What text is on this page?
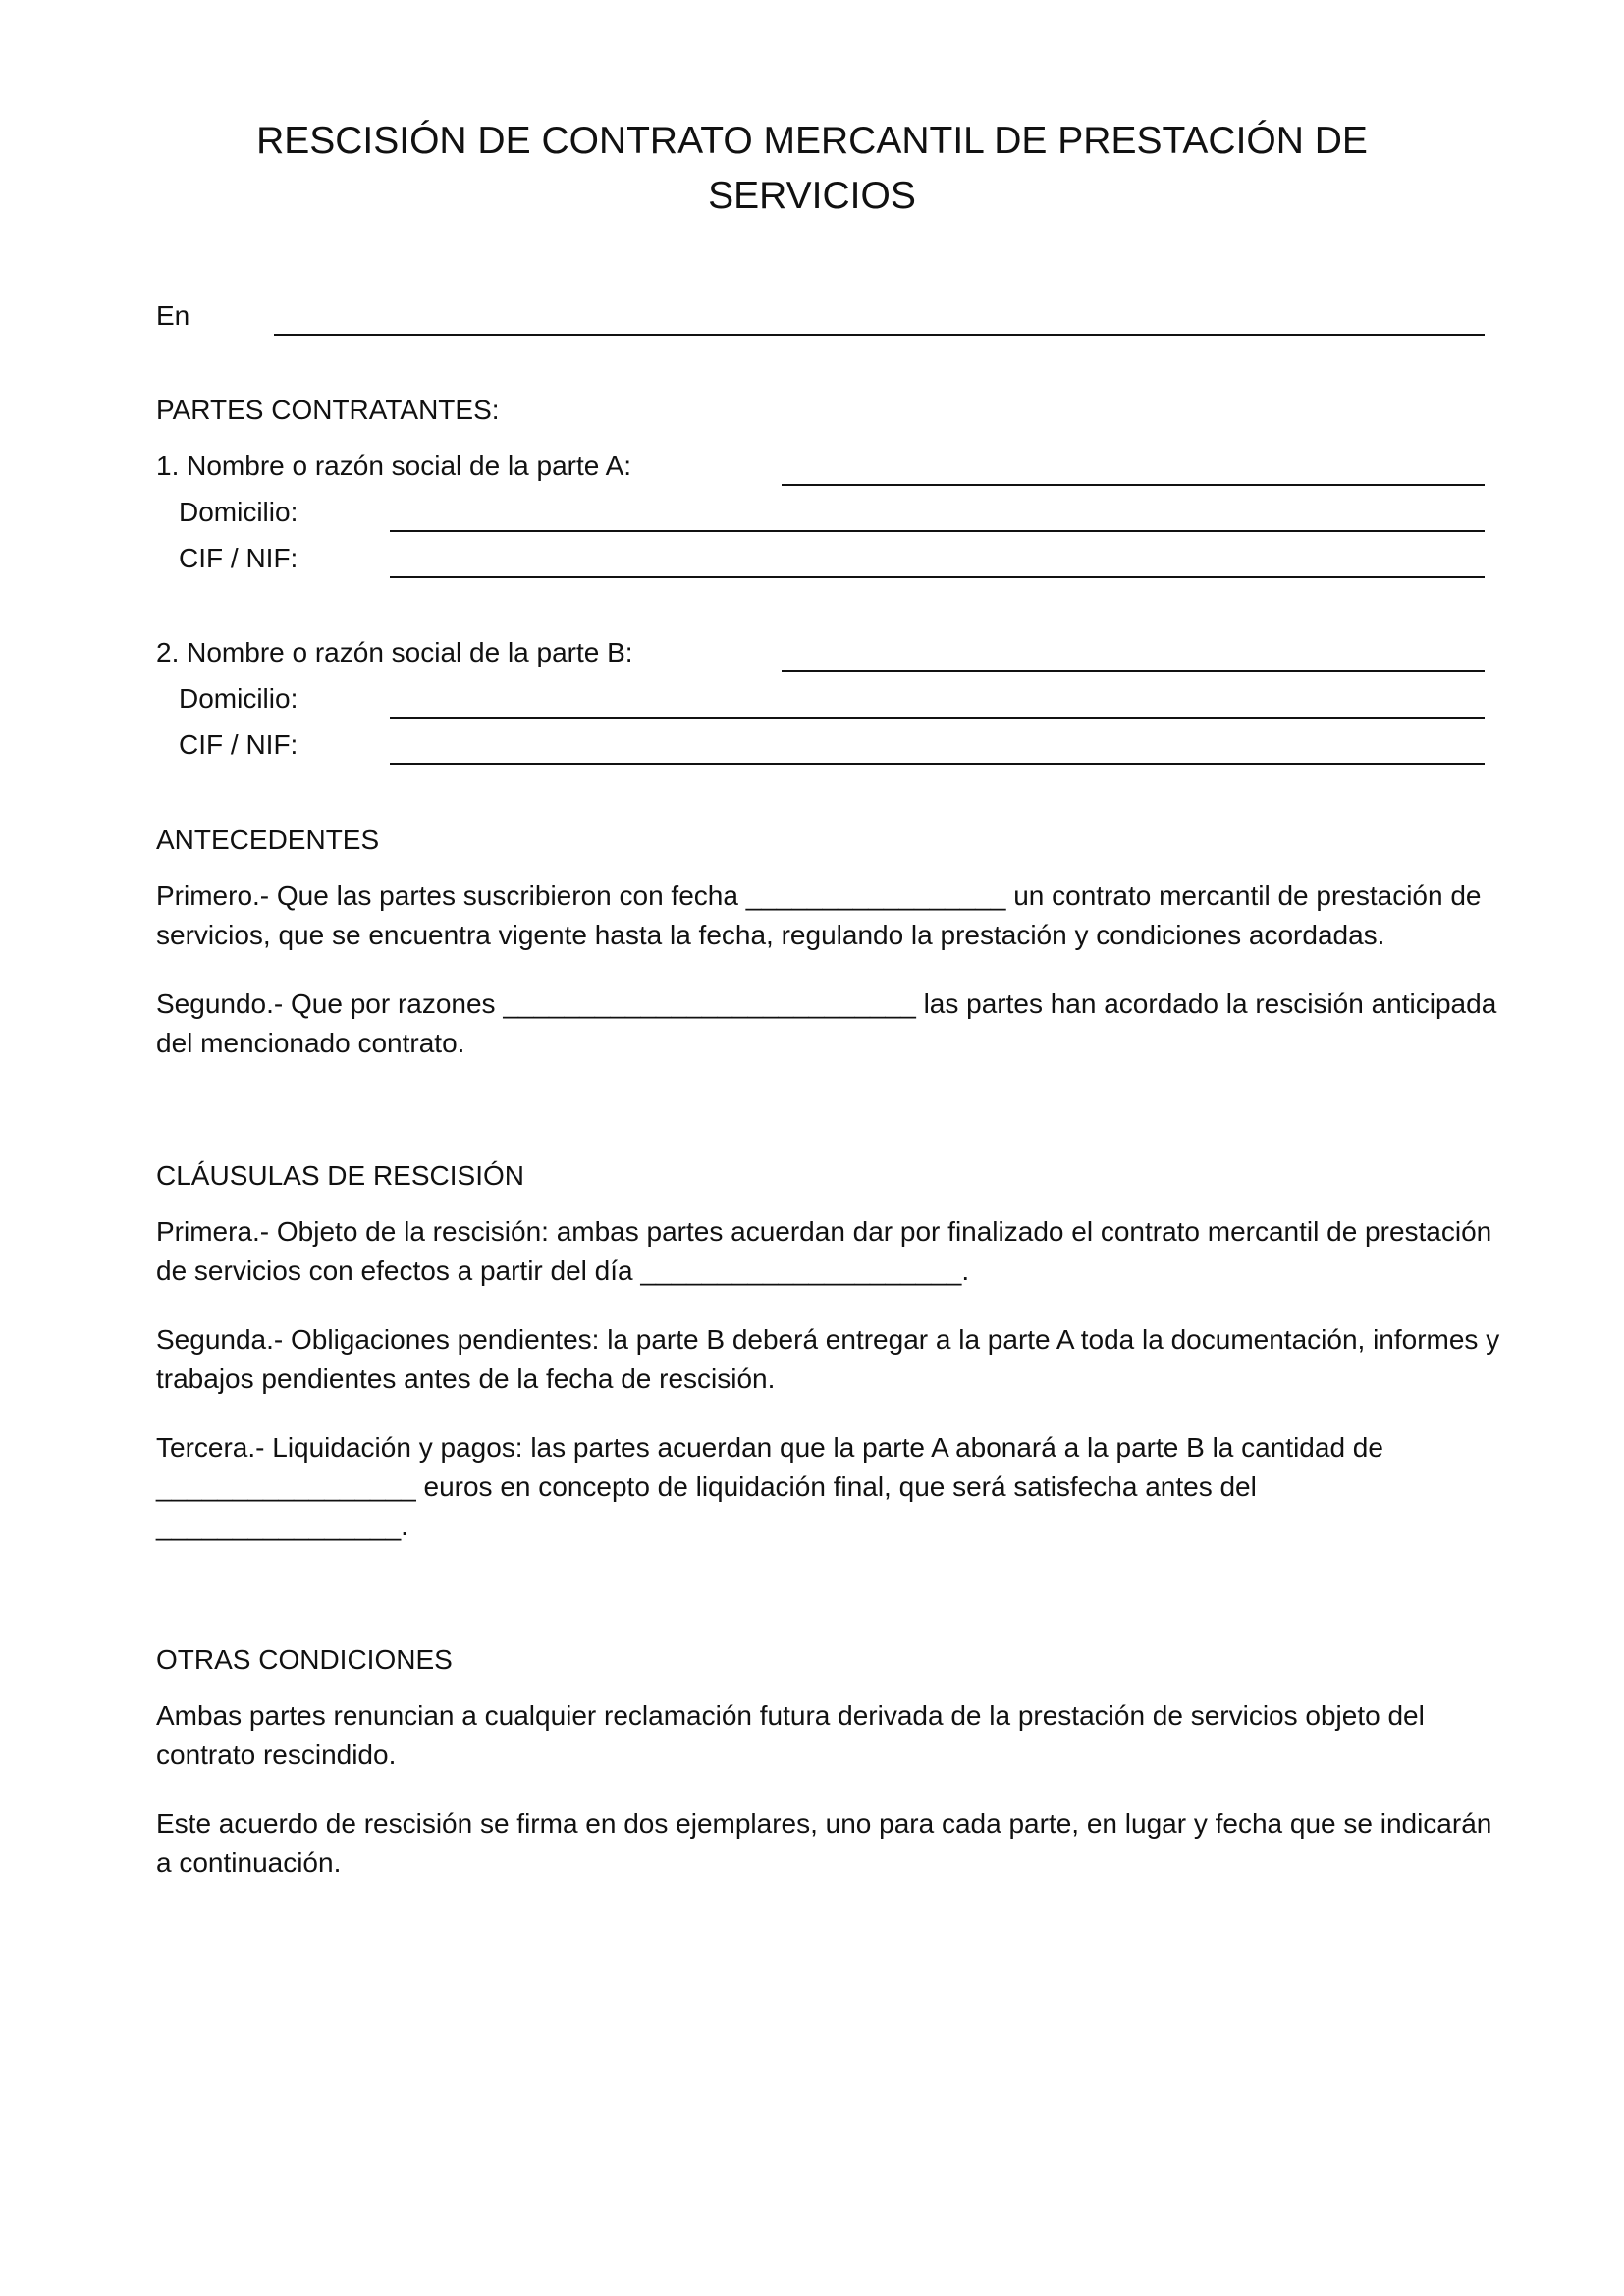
RESCISIÓN DE CONTRATO MERCANTIL DE PRESTACIÓN DE SERVICIOS
En
PARTES CONTRATANTES:
1. Nombre o razón social de la parte A:
Domicilio:
CIF / NIF:
2. Nombre o razón social de la parte B:
Domicilio:
CIF / NIF:
ANTECEDENTES

Primero.- Que las partes suscribieron con fecha _________________ un contrato mercantil de prestación de servicios, que se encuentra vigente hasta la fecha, regulando la prestación y condiciones acordadas.

Segundo.- Que por razones ___________________________ las partes han acordado la rescisión anticipada del mencionado contrato.

CLÁUSULAS DE RESCISIÓN

Primera.- Objeto de la rescisión: ambas partes acuerdan dar por finalizado el contrato mercantil de prestación de servicios con efectos a partir del día _____________________.

Segunda.- Obligaciones pendientes: la parte B deberá entregar a la parte A toda la documentación, informes y trabajos pendientes antes de la fecha de rescisión.

Tercera.- Liquidación y pagos: las partes acuerdan que la parte A abonará a la parte B la cantidad de
_________________ euros en concepto de liquidación final, que será satisfecha antes del
________________.

OTRAS CONDICIONES

Ambas partes renuncian a cualquier reclamación futura derivada de la prestación de servicios objeto del contrato rescindido.

Este acuerdo de rescisión se firma en dos ejemplares, uno para cada parte, en lugar y fecha que se indicarán a continuación.
